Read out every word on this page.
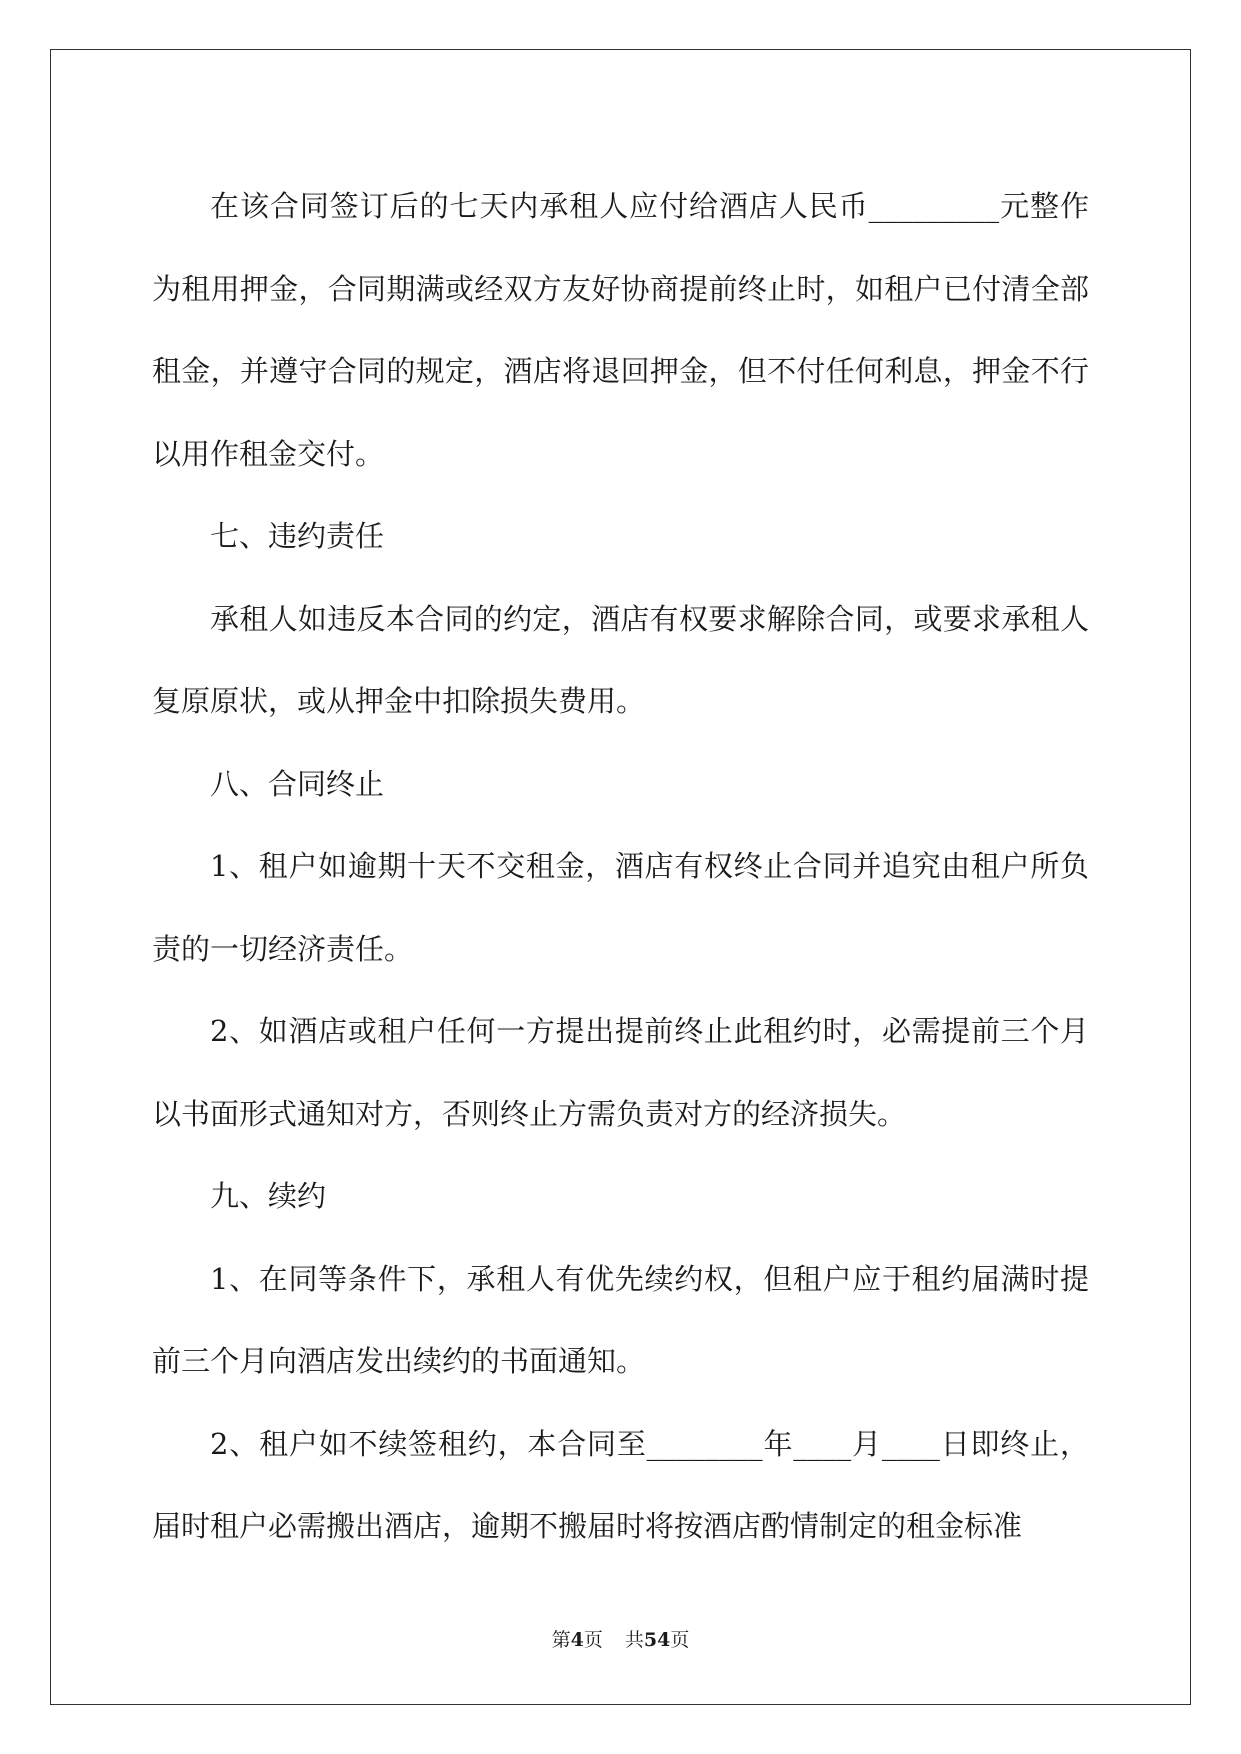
在该合同签订后的七天内承租人应付给酒店人民币_________元整作为租用押金，合同期满或经双方友好协商提前终止时，如租户已付清全部租金，并遵守合同的规定，酒店将退回押金，但不付任何利息，押金不行以用作租金交付。

七、违约责任

承租人如违反本合同的约定，酒店有权要求解除合同，或要求承租人复原原状，或从押金中扣除损失费用。

八、合同终止

1、租户如逾期十天不交租金，酒店有权终止合同并追究由租户所负责的一切经济责任。

2、如酒店或租户任何一方提出提前终止此租约时，必需提前三个月以书面形式通知对方，否则终止方需负责对方的经济损失。

九、续约

1、在同等条件下，承租人有优先续约权，但租户应于租约届满时提前三个月向酒店发出续约的书面通知。

2、租户如不续签租约，本合同至________年____月____日即终止，届时租户必需搬出酒店，逾期不搬届时将按酒店酌情制定的租金标准

第4页 共54页
